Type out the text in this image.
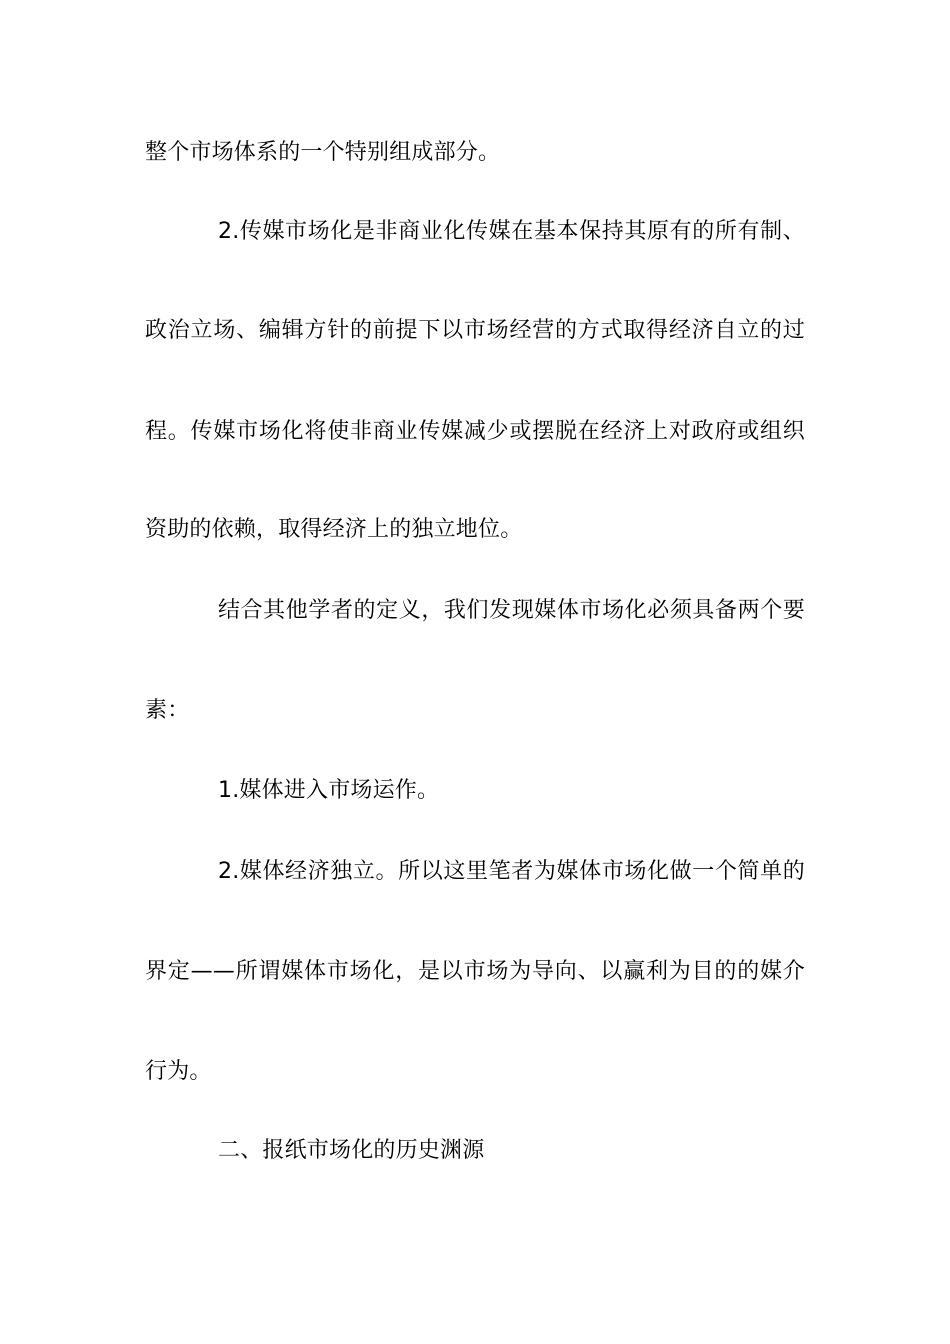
整个市场体系的一个特别组成部分。
2.传媒市场化是非商业化传媒在基本保持其原有的所有制、
政治立场、编辑方针的前提下以市场经营的方式取得经济自立的过
程。传媒市场化将使非商业传媒减少或摆脱在经济上对政府或组织
资助的依赖，取得经济上的独立地位。
结合其他学者的定义，我们发现媒体市场化必须具备两个要
素：
1.媒体进入市场运作。
2.媒体经济独立。所以这里笔者为媒体市场化做一个简单的
界定——所谓媒体市场化，是以市场为导向、以赢利为目的的媒介
行为。
二、报纸市场化的历史渊源
